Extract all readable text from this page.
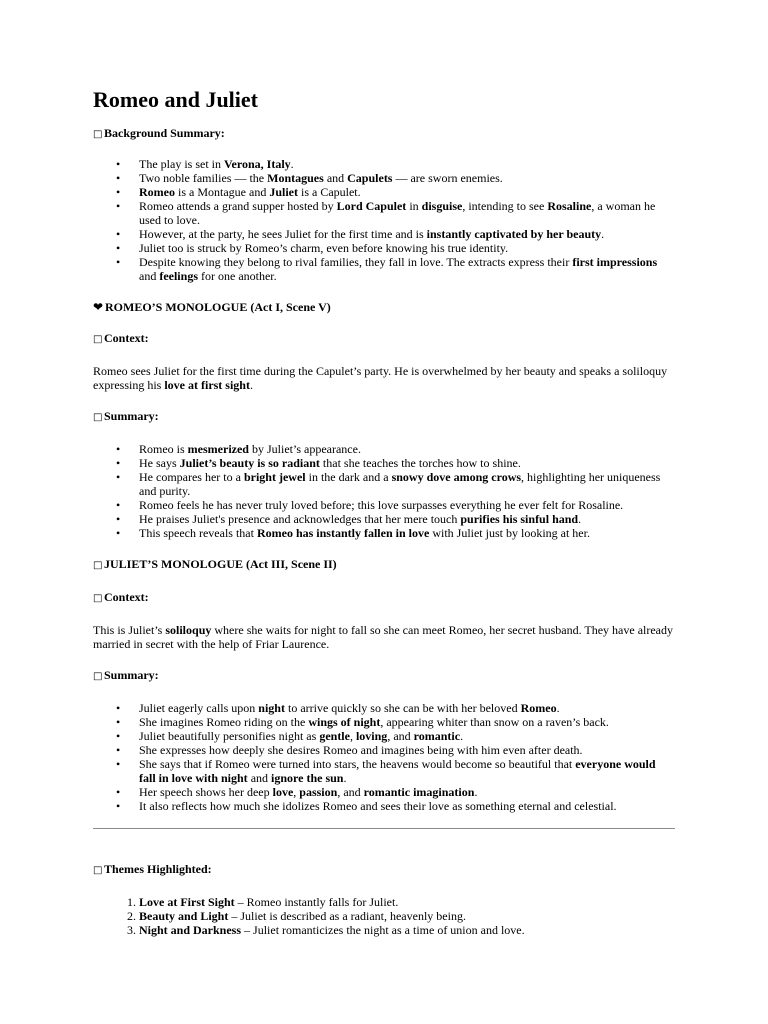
Romeo and Juliet

□ Background Summary:

• The play is set in Verona, Italy.
• Two noble families — the Montagues and Capulets — are sworn enemies.
• Romeo is a Montague and Juliet is a Capulet.
• Romeo attends a grand supper hosted by Lord Capulet in disguise, intending to see Rosaline, a woman he used to love.
• However, at the party, he sees Juliet for the first time and is instantly captivated by her beauty.
• Juliet too is struck by Romeo’s charm, even before knowing his true identity.
• Despite knowing they belong to rival families, they fall in love. The extracts express their first impressions and feelings for one another.

❤ ROMEO’S MONOLOGUE (Act I, Scene V)

□ Context:

Romeo sees Juliet for the first time during the Capulet’s party. He is overwhelmed by her beauty and speaks a soliloquy expressing his love at first sight.

□ Summary:

• Romeo is mesmerized by Juliet’s appearance.
• He says Juliet’s beauty is so radiant that she teaches the torches how to shine.
• He compares her to a bright jewel in the dark and a snowy dove among crows, highlighting her uniqueness and purity.
• Romeo feels he has never truly loved before; this love surpasses everything he ever felt for Rosaline.
• He praises Juliet's presence and acknowledges that her mere touch purifies his sinful hand.
• This speech reveals that Romeo has instantly fallen in love with Juliet just by looking at her.

□ JULIET’S MONOLOGUE (Act III, Scene II)

□ Context:

This is Juliet’s soliloquy where she waits for night to fall so she can meet Romeo, her secret husband. They have already married in secret with the help of Friar Laurence.

□ Summary:

• Juliet eagerly calls upon night to arrive quickly so she can be with her beloved Romeo.
• She imagines Romeo riding on the wings of night, appearing whiter than snow on a raven’s back.
• Juliet beautifully personifies night as gentle, loving, and romantic.
• She expresses how deeply she desires Romeo and imagines being with him even after death.
• She says that if Romeo were turned into stars, the heavens would become so beautiful that everyone would fall in love with night and ignore the sun.
• Her speech shows her deep love, passion, and romantic imagination.
• It also reflects how much she idolizes Romeo and sees their love as something eternal and celestial.

□ Themes Highlighted:

1. Love at First Sight – Romeo instantly falls for Juliet.
2. Beauty and Light – Juliet is described as a radiant, heavenly being.
3. Night and Darkness – Juliet romanticizes the night as a time of union and love.
